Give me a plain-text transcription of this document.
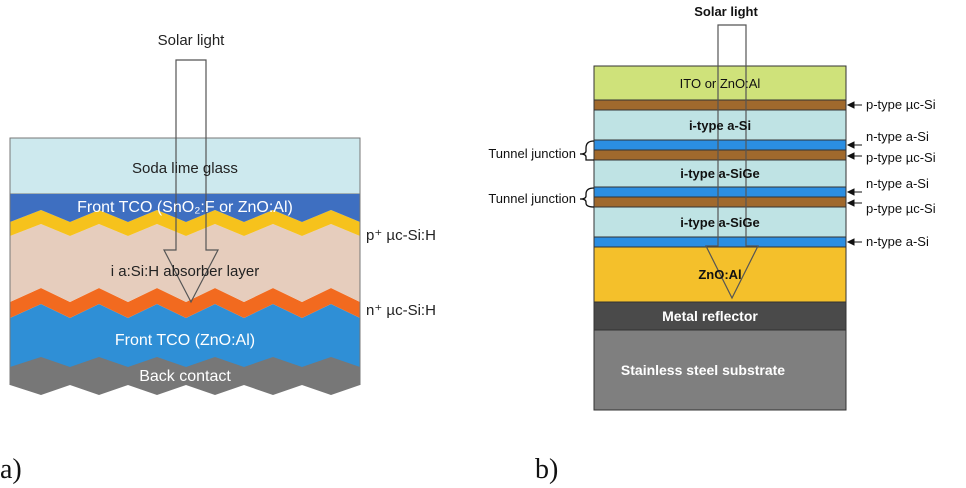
Solar light
Soda lime glass
Front TCO (SnO₂:F or ZnO:Al)
i a:Si:H absorber layer
Front TCO (ZnO:Al)
Back contact
p⁺ µc-Si:H
n⁺ µc-Si:H
a)
Solar light
ITO or ZnO:Al
i-type a-Si
i-type a-SiGe
i-type a-SiGe
ZnO:Al
Metal reflector
Stainless steel substrate
p-type µc-Si
n-type a-Si
p-type µc-Si
n-type a-Si
p-type µc-Si
n-type a-Si
Tunnel junction
Tunnel junction
b)
